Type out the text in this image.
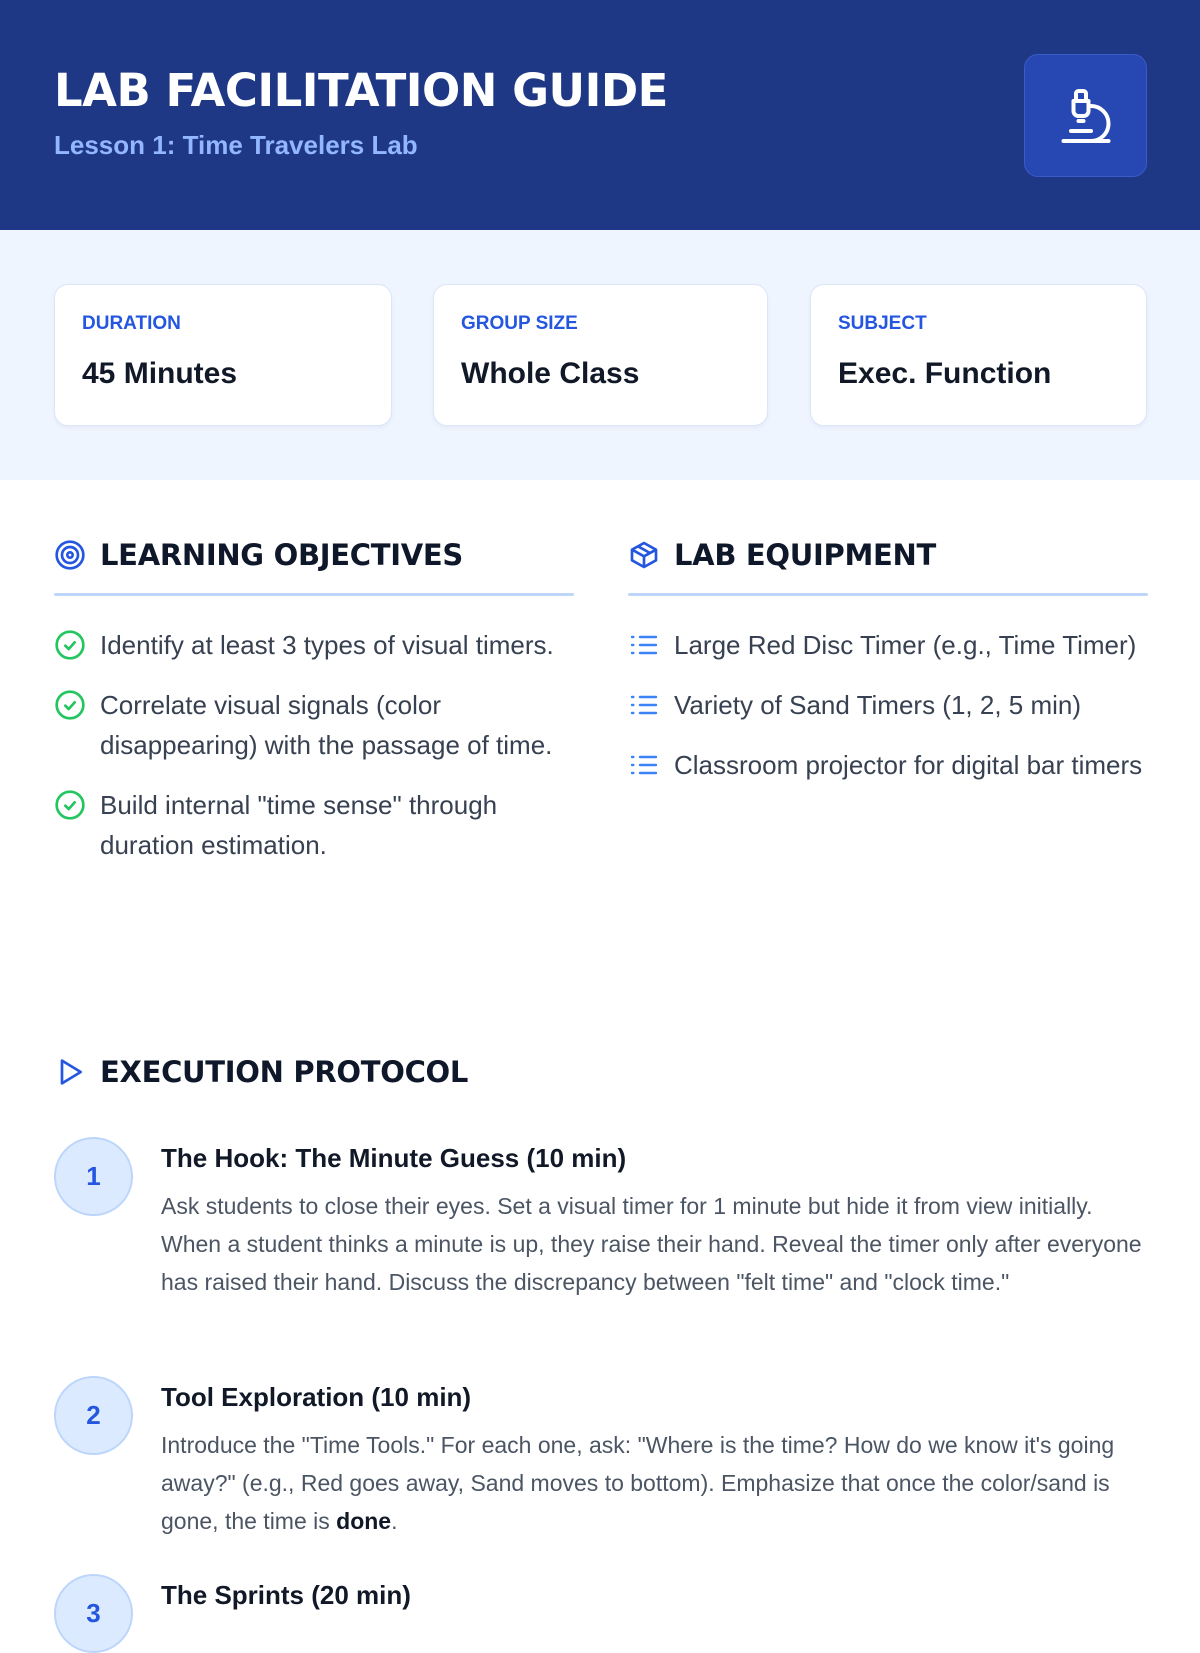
LAB FACILITATION GUIDE
Lesson 1: Time Travelers Lab
DURATION
45 Minutes
GROUP SIZE
Whole Class
SUBJECT
Exec. Function
LEARNING OBJECTIVES
Identify at least 3 types of visual timers.
Correlate visual signals (color disappearing) with the passage of time.
Build internal "time sense" through duration estimation.
LAB EQUIPMENT
Large Red Disc Timer (e.g., Time Timer)
Variety of Sand Timers (1, 2, 5 min)
Classroom projector for digital bar timers
EXECUTION PROTOCOL
1
The Hook: The Minute Guess (10 min)
Ask students to close their eyes. Set a visual timer for 1 minute but hide it from view initially. When a student thinks a minute is up, they raise their hand. Reveal the timer only after everyone has raised their hand. Discuss the discrepancy between "felt time" and "clock time."
2
Tool Exploration (10 min)
Introduce the "Time Tools." For each one, ask: "Where is the time? How do we know it's going away?" (e.g., Red goes away, Sand moves to bottom). Emphasize that once the color/sand is gone, the time is done.
3
The Sprints (20 min)
